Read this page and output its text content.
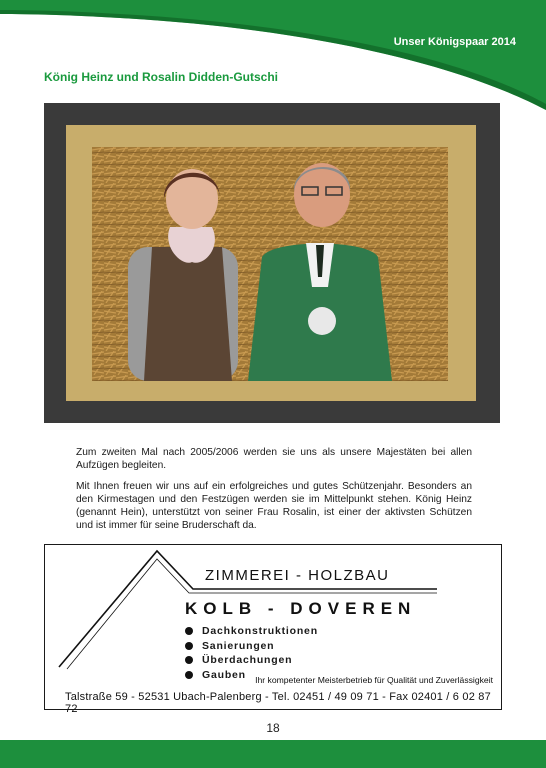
Unser Königspaar 2014
König Heinz und Rosalin Didden-Gutschi

Zum zweiten Mal nach 2005/2006 werden sie uns als unsere Majestäten bei allen Aufzügen begleiten.

Mit Ihnen freuen wir uns auf ein erfolgreiches und gutes Schützenjahr. Besonders an den Kirmestagen und den Festzügen werden sie im Mittelpunkt stehen. König Heinz (genannt Hein), unterstützt von seiner Frau Rosalin, ist einer der aktivsten Schützen und ist immer für seine Bruderschaft da.

ZIMMEREI - HOLZBAU
KOLB - DOVEREN
Dachkonstruktionen
Sanierungen
Überdachungen
Gauben Ihr kompetenter Meisterbetrieb für Qualität und Zuverlässigkeit
Talstraße 59 - 52531 Ubach-Palenberg - Tel. 02451 / 49 09 71 - Fax 02401 / 6 02 87 72
18
